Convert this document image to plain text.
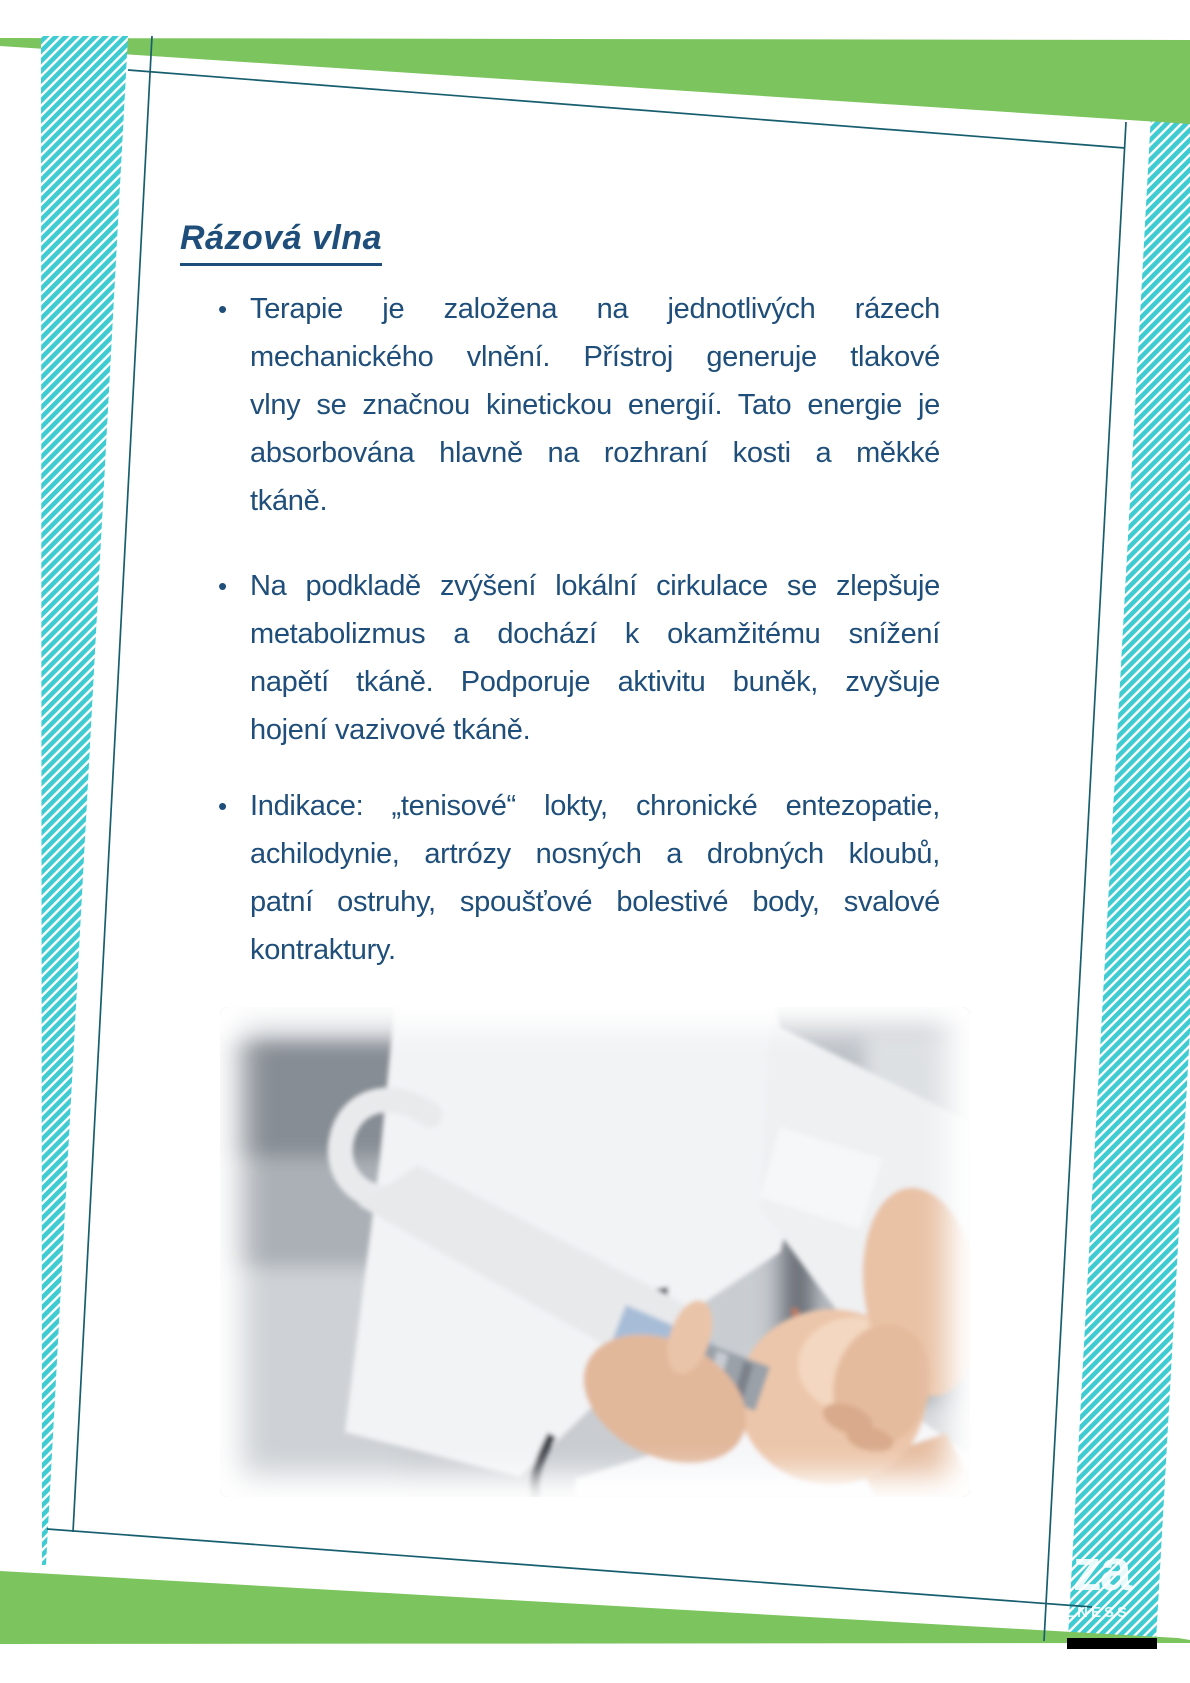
Rázová vlna
• Terapie je založena na jednotlivých rázech
mechanického vlnění. Přístroj generuje tlakové
vlny se značnou kinetickou energií. Tato energie je
absorbována hlavně na rozhraní kosti a měkké
tkáně.
• Na podkladě zvýšení lokální cirkulace se zlepšuje
metabolizmus a dochází k okamžitému snížení
napětí tkáně. Podporuje aktivitu buněk, zvyšuje
hojení vazivové tkáně.
• Indikace: „tenisové“ lokty, chronické entezopatie,
achilodynie, artrózy nosných a drobných kloubů,
patní ostruhy, spoušťové bolestivé body, svalové
kontraktury.
za
LNESS
